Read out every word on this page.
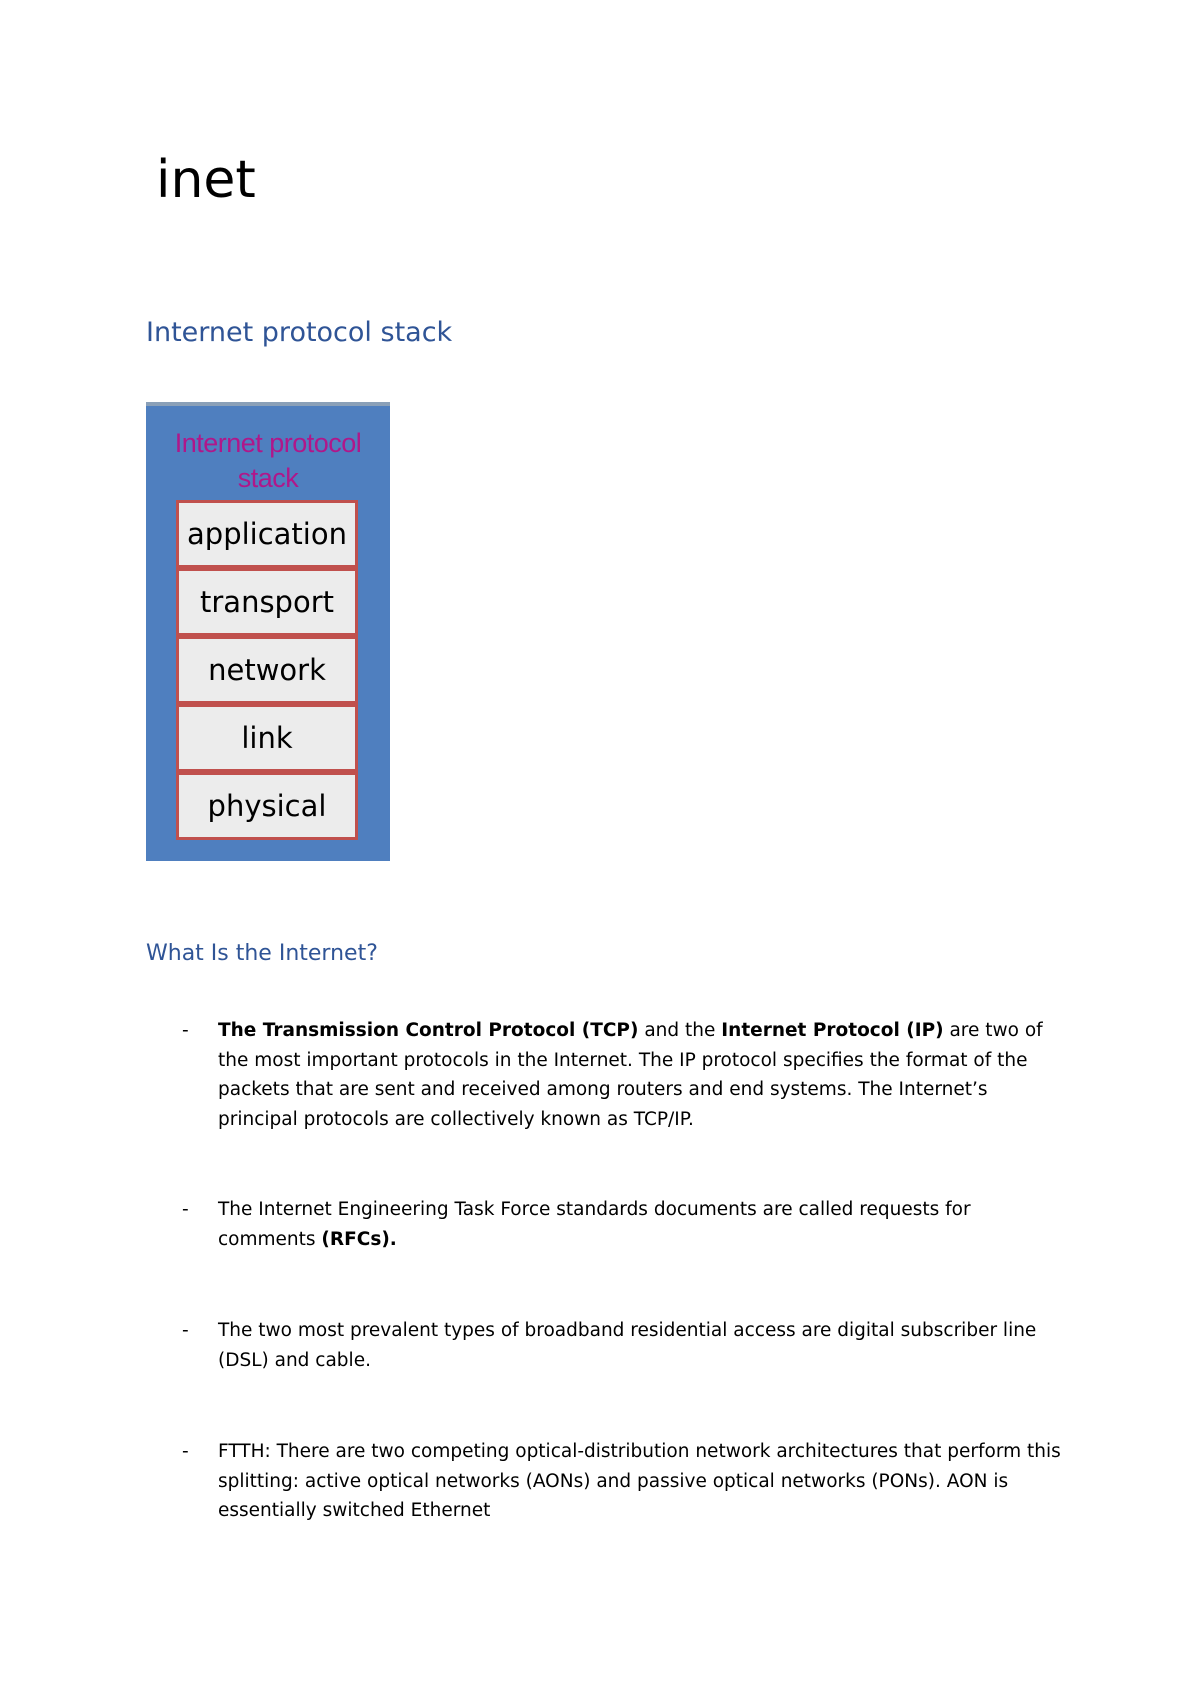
inet
Internet protocol stack
Internet protocol
stack
application
transport
network
link
physical
What Is the Internet?
- The Transmission Control Protocol (TCP) and the Internet Protocol (IP) are two of the most important protocols in the Internet. The IP protocol specifies the format of the packets that are sent and received among routers and end systems. The Internet’s principal protocols are collectively known as TCP/IP.
- The Internet Engineering Task Force standards documents are called requests for comments (RFCs).
- The two most prevalent types of broadband residential access are digital subscriber line (DSL) and cable.
- FTTH: There are two competing optical-distribution network architectures that perform this splitting: active optical networks (AONs) and passive optical networks (PONs). AON is essentially switched Ethernet
